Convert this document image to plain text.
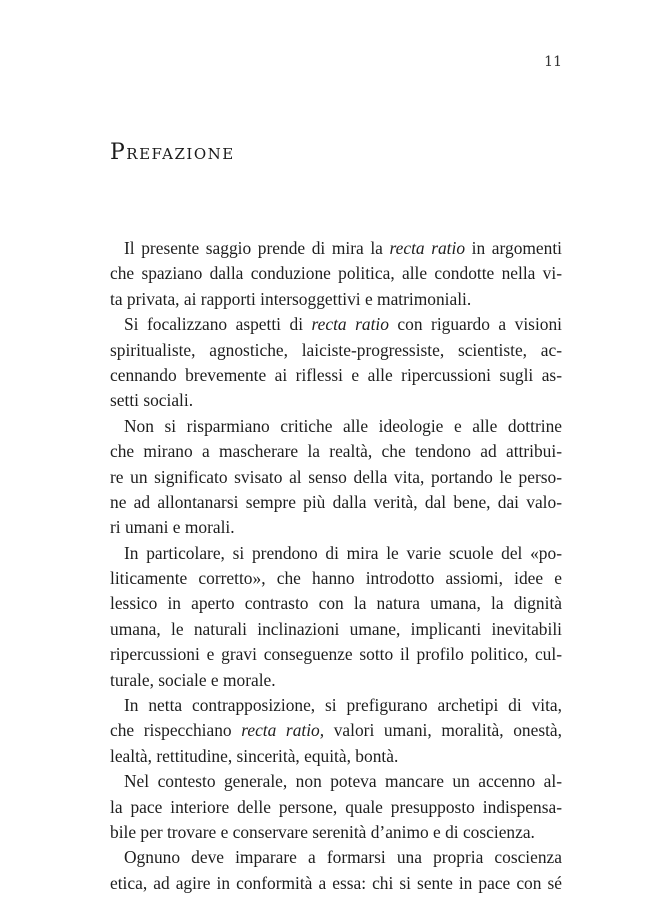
11
Prefazione
Il presente saggio prende di mira la recta ratio in argomenti
che spaziano dalla conduzione politica, alle condotte nella vi-
ta privata, ai rapporti intersoggettivi e matrimoniali.
Si focalizzano aspetti di recta ratio con riguardo a visioni
spiritualiste, agnostiche, laiciste-progressiste, scientiste, ac-
cennando brevemente ai riflessi e alle ripercussioni sugli as-
setti sociali.
Non si risparmiano critiche alle ideologie e alle dottrine
che mirano a mascherare la realtà, che tendono ad attribui-
re un significato svisato al senso della vita, portando le perso-
ne ad allontanarsi sempre più dalla verità, dal bene, dai valo-
ri umani e morali.
In particolare, si prendono di mira le varie scuole del «po-
liticamente corretto», che hanno introdotto assiomi, idee e
lessico in aperto contrasto con la natura umana, la dignità
umana, le naturali inclinazioni umane, implicanti inevitabili
ripercussioni e gravi conseguenze sotto il profilo politico, cul-
turale, sociale e morale.
In netta contrapposizione, si prefigurano archetipi di vita,
che rispecchiano recta ratio, valori umani, moralità, onestà,
lealtà, rettitudine, sincerità, equità, bontà.
Nel contesto generale, non poteva mancare un accenno al-
la pace interiore delle persone, quale presupposto indispensa-
bile per trovare e conservare serenità d’animo e di coscienza.
Ognuno deve imparare a formarsi una propria coscienza
etica, ad agire in conformità a essa: chi si sente in pace con sé
